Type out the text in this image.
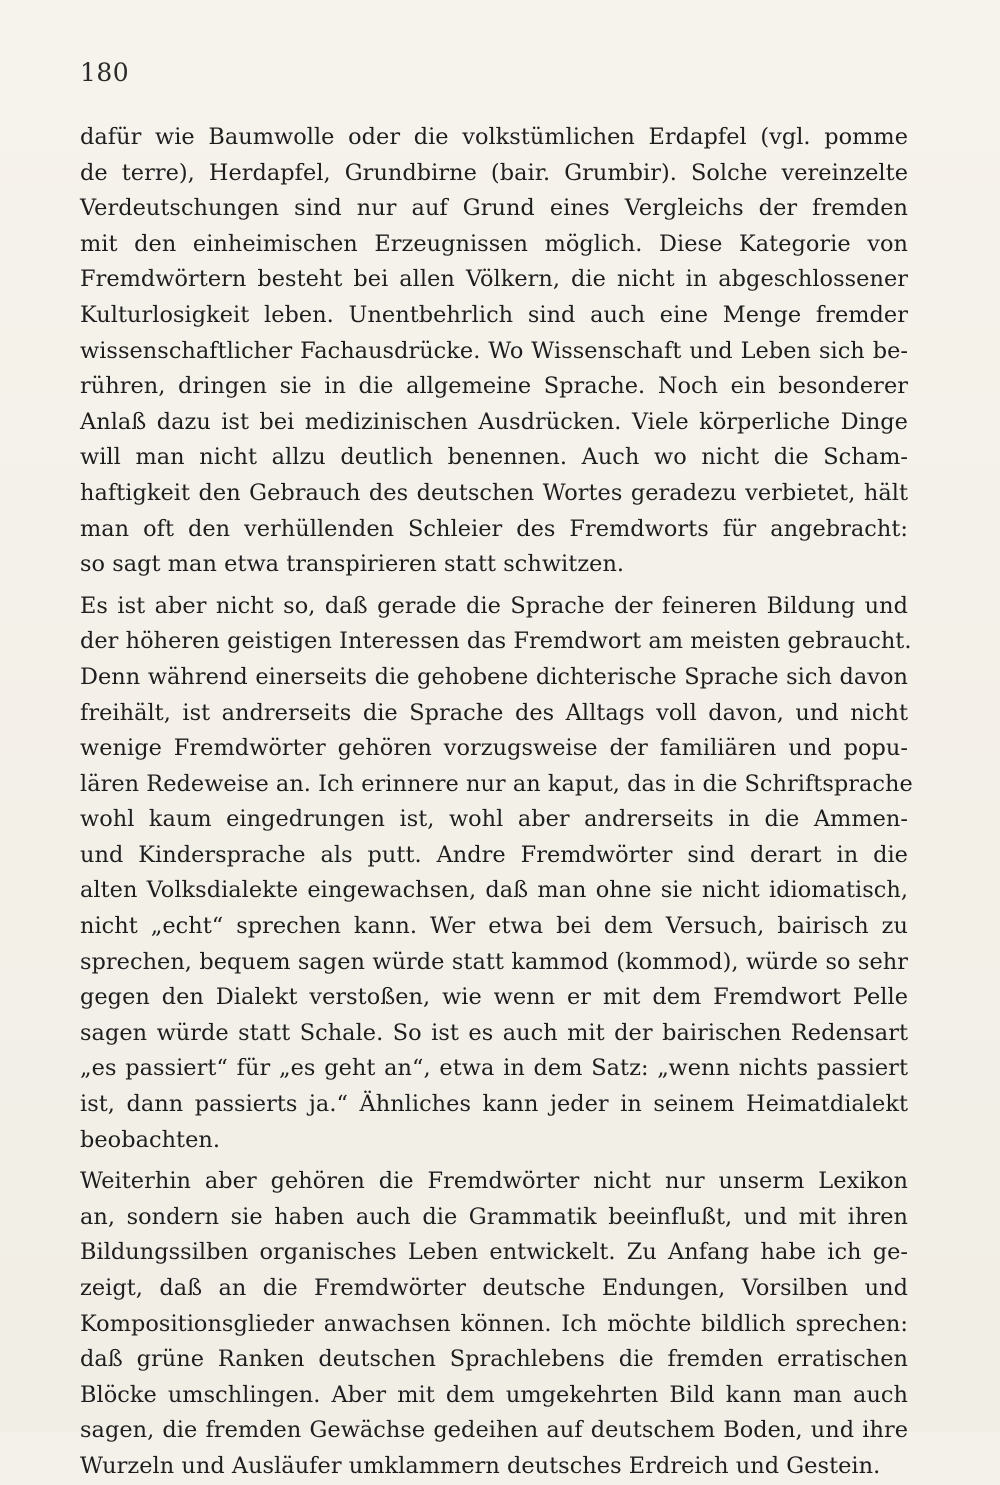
180
dafür wie Baumwolle oder die volkstümlichen Erdapfel (vgl. pomme
de terre), Herdapfel, Grundbirne (bair. Grumbir). Solche vereinzelte
Verdeutschungen sind nur auf Grund eines Vergleichs der fremden
mit den einheimischen Erzeugnissen möglich. Diese Kategorie von
Fremdwörtern besteht bei allen Völkern, die nicht in abgeschlossener
Kulturlosigkeit leben. Unentbehrlich sind auch eine Menge fremder
wissenschaftlicher Fachausdrücke. Wo Wissenschaft und Leben sich be-
rühren, dringen sie in die allgemeine Sprache. Noch ein besonderer
Anlaß dazu ist bei medizinischen Ausdrücken. Viele körperliche Dinge
will man nicht allzu deutlich benennen. Auch wo nicht die Scham-
haftigkeit den Gebrauch des deutschen Wortes geradezu verbietet, hält
man oft den verhüllenden Schleier des Fremdworts für angebracht:
so sagt man etwa transpirieren statt schwitzen.
Es ist aber nicht so, daß gerade die Sprache der feineren Bildung und
der höheren geistigen Interessen das Fremdwort am meisten gebraucht.
Denn während einerseits die gehobene dichterische Sprache sich davon
freihält, ist andrerseits die Sprache des Alltags voll davon, und nicht
wenige Fremdwörter gehören vorzugsweise der familiären und popu-
lären Redeweise an. Ich erinnere nur an kaput, das in die Schriftsprache
wohl kaum eingedrungen ist, wohl aber andrerseits in die Ammen-
und Kindersprache als putt. Andre Fremdwörter sind derart in die
alten Volksdialekte eingewachsen, daß man ohne sie nicht idiomatisch,
nicht „echt“ sprechen kann. Wer etwa bei dem Versuch, bairisch zu
sprechen, bequem sagen würde statt kammod (kommod), würde so sehr
gegen den Dialekt verstoßen, wie wenn er mit dem Fremdwort Pelle
sagen würde statt Schale. So ist es auch mit der bairischen Redensart
„es passiert“ für „es geht an“, etwa in dem Satz: „wenn nichts passiert
ist, dann passierts ja.“ Ähnliches kann jeder in seinem Heimatdialekt
beobachten.
Weiterhin aber gehören die Fremdwörter nicht nur unserm Lexikon
an, sondern sie haben auch die Grammatik beeinflußt, und mit ihren
Bildungssilben organisches Leben entwickelt. Zu Anfang habe ich ge-
zeigt, daß an die Fremdwörter deutsche Endungen, Vorsilben und
Kompositionsglieder anwachsen können. Ich möchte bildlich sprechen:
daß grüne Ranken deutschen Sprachlebens die fremden erratischen
Blöcke umschlingen. Aber mit dem umgekehrten Bild kann man auch
sagen, die fremden Gewächse gedeihen auf deutschem Boden, und ihre
Wurzeln und Ausläufer umklammern deutsches Erdreich und Gestein.
